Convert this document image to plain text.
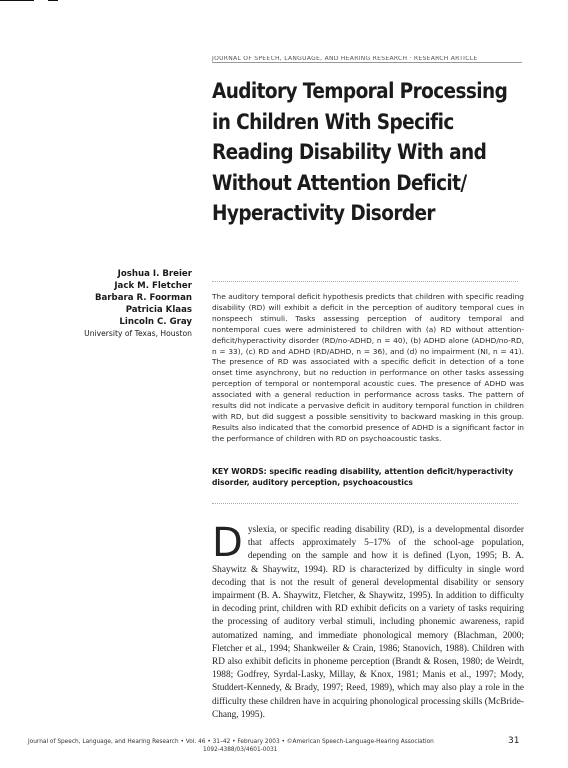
JOURNAL OF SPEECH, LANGUAGE, AND HEARING RESEARCH · RESEARCH ARTICLE
Auditory Temporal Processing
in Children With Specific
Reading Disability With and
Without Attention Deficit/
Hyperactivity Disorder
Joshua I. Breier
Jack M. Fletcher
Barbara R. Foorman
Patricia Klaas
Lincoln C. Gray
University of Texas, Houston

The auditory temporal deficit hypothesis predicts that children with specific reading disability (RD) will exhibit a deficit in the perception of auditory temporal cues in nonspeech stimuli. Tasks assessing perception of auditory temporal and nontemporal cues were administered to children with (a) RD without attention-deficit/hyperactivity disorder (RD/no-ADHD, n = 40), (b) ADHD alone (ADHD/no-RD, n = 33), (c) RD and ADHD (RD/ADHD, n = 36), and (d) no impairment (NI, n = 41). The presence of RD was associated with a specific deficit in detection of a tone onset time asynchrony, but no reduction in performance on other tasks assessing perception of temporal or nontemporal acoustic cues. The presence of ADHD was associated with a general reduction in performance across tasks. The pattern of results did not indicate a pervasive deficit in auditory temporal function in children with RD, but did suggest a possible sensitivity to backward masking in this group. Results also indicated that the comorbid presence of ADHD is a significant factor in the performance of children with RD on psychoacoustic tasks.

KEY WORDS: specific reading disability, attention deficit/hyperactivity disorder, auditory perception, psychoacoustics

Dyslexia, or specific reading disability (RD), is a developmental disorder that affects approximately 5–17% of the school-age population, depending on the sample and how it is defined (Lyon, 1995; B. A. Shaywitz & Shaywitz, 1994). RD is characterized by difficulty in single word decoding that is not the result of general developmental disability or sensory impairment (B. A. Shaywitz, Fletcher, & Shaywitz, 1995). In addition to difficulty in decoding print, children with RD exhibit deficits on a variety of tasks requiring the processing of auditory verbal stimuli, including phonemic awareness, rapid automatized naming, and immediate phonological memory (Blachman, 2000; Fletcher et al., 1994; Shankweiler & Crain, 1986; Stanovich, 1988). Children with RD also exhibit deficits in phoneme perception (Brandt & Rosen, 1980; de Weirdt, 1988; Godfrey, Syrdal-Lasky, Millay, & Knox, 1981; Manis et al., 1997; Mody, Studdert-Kennedy, & Brady, 1997; Reed, 1989), which may also play a role in the difficulty these children have in acquiring phonological processing skills (McBride-Chang, 1995).

Journal of Speech, Language, and Hearing Research • Vol. 46 • 31–42 • February 2003 • ©American Speech-Language-Hearing Association
1092-4388/03/4601-0031
31
